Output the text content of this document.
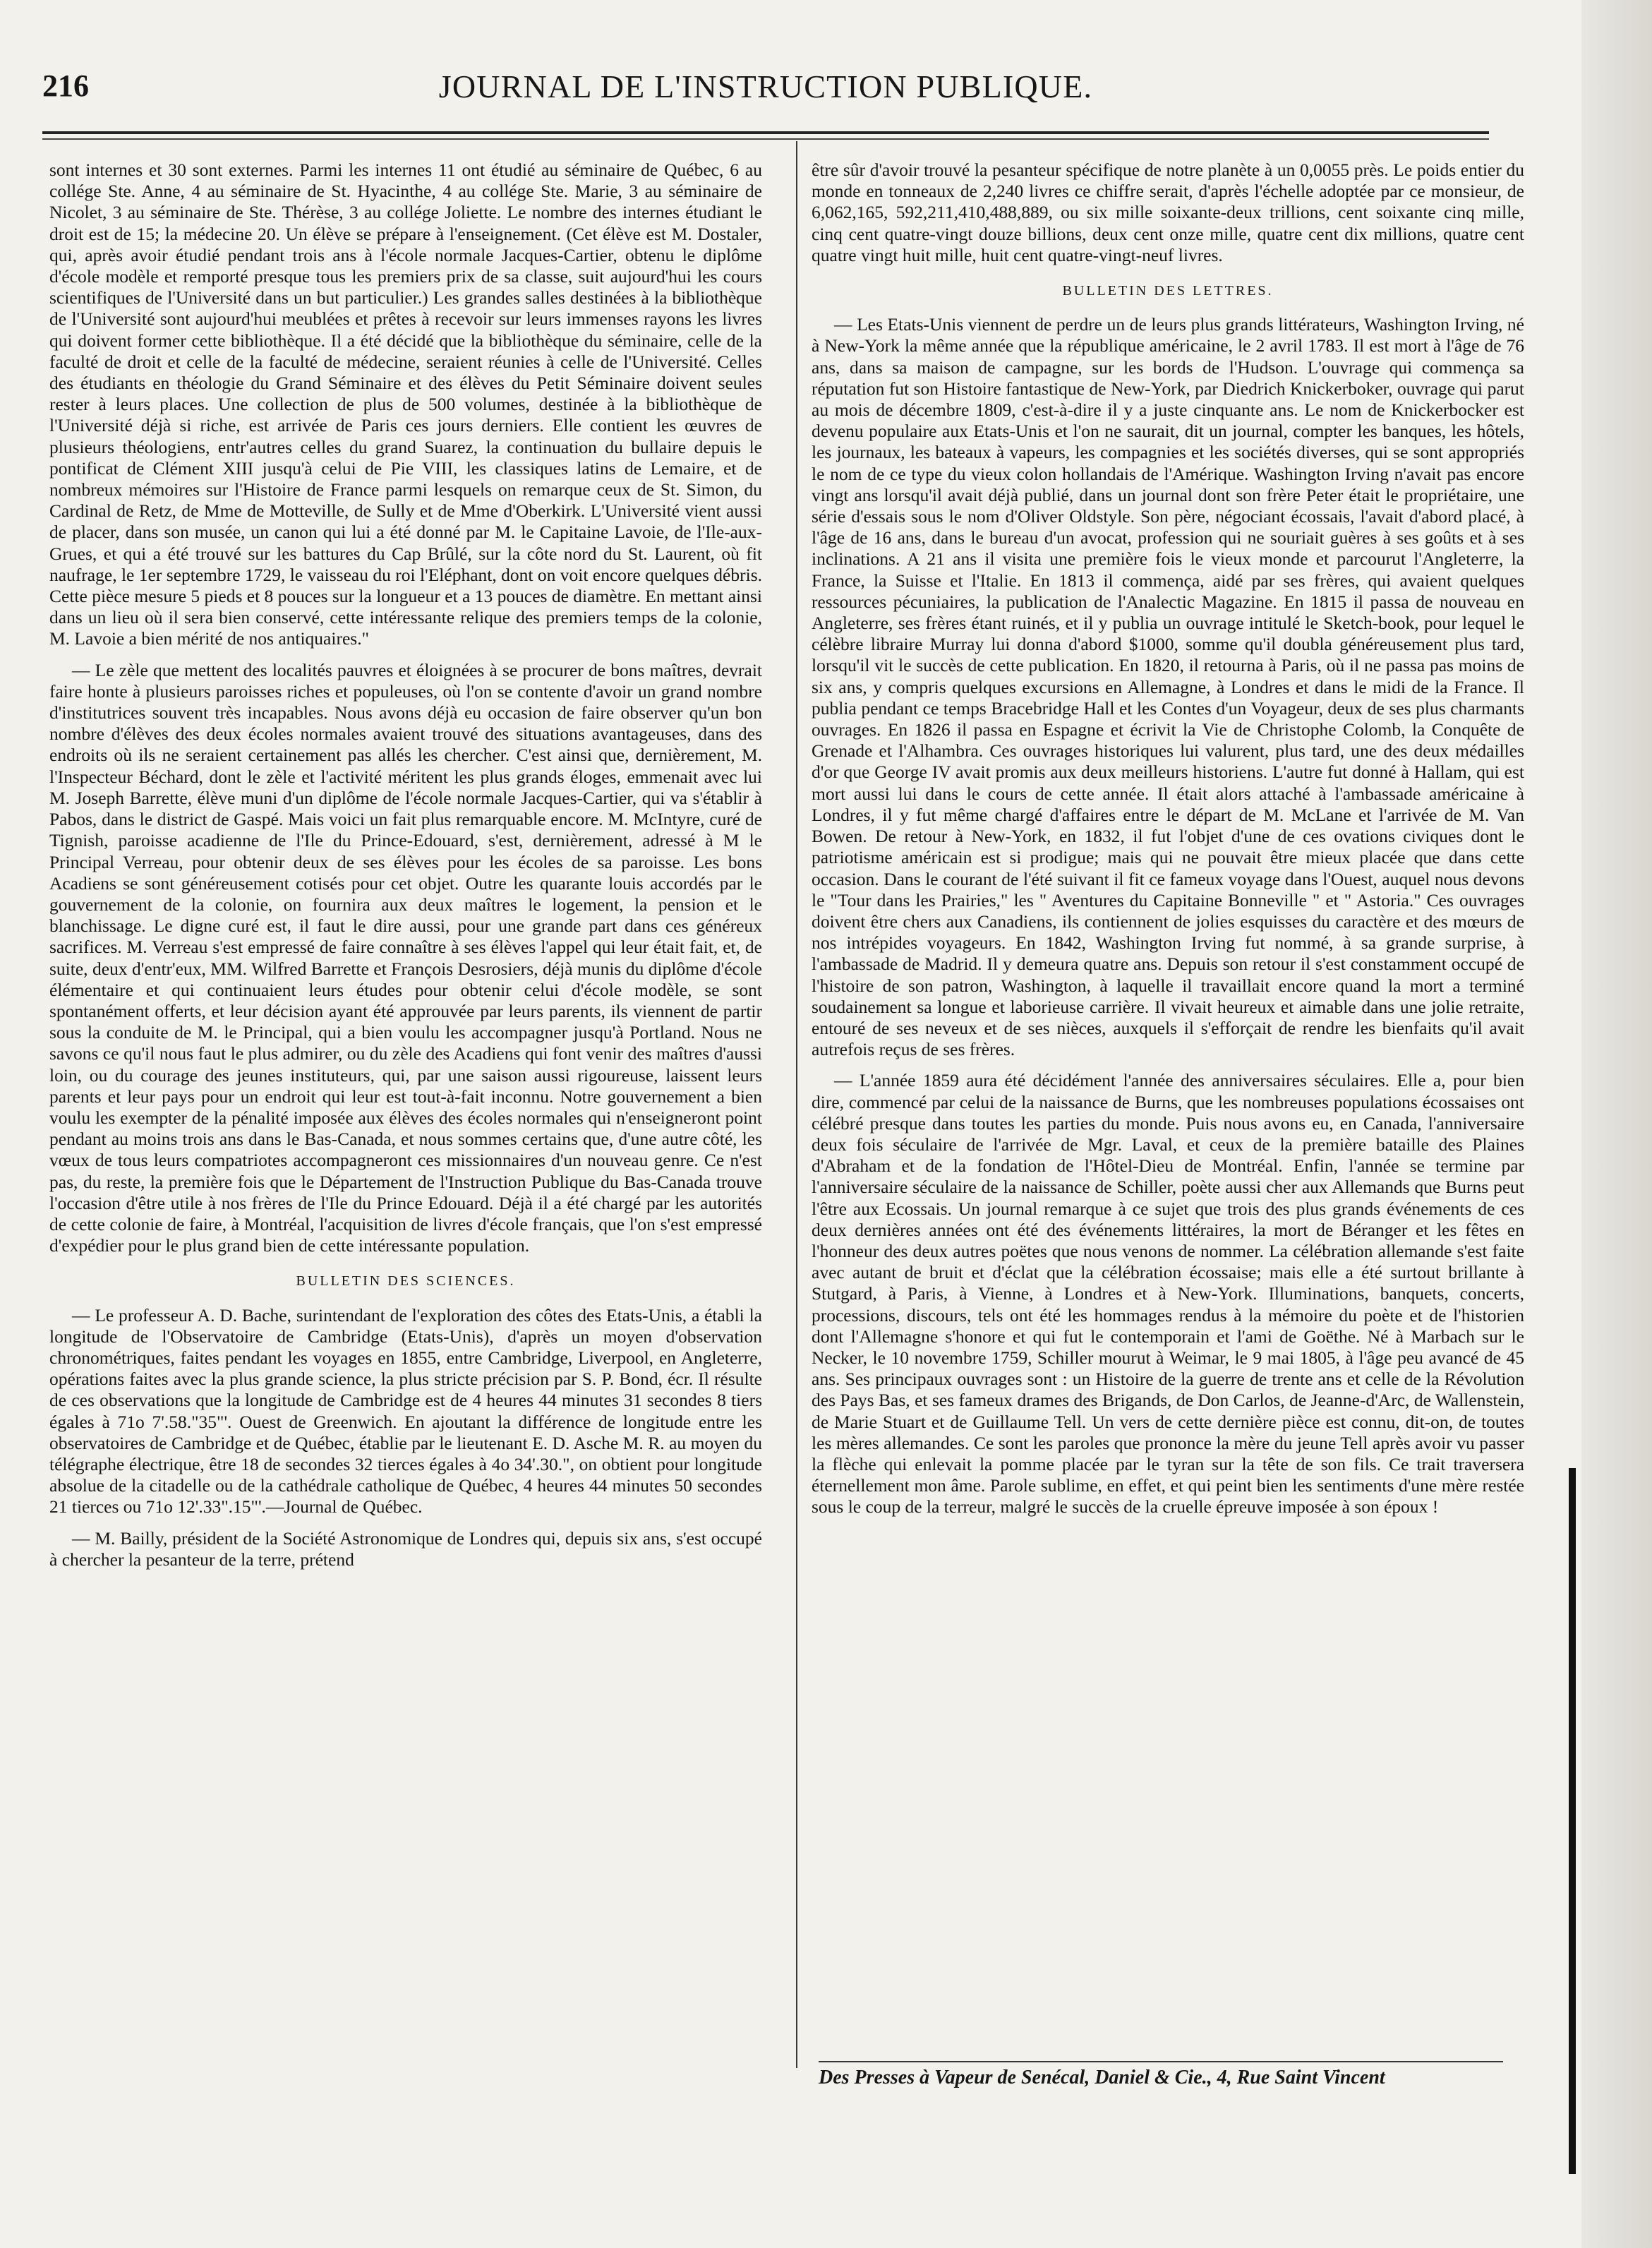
216	JOURNAL DE L'INSTRUCTION PUBLIQUE.

sont internes et 30 sont externes. Parmi les internes 11 ont étudié au séminaire de Québec, 6 au collége Ste. Anne, 4 au séminaire de St. Hyacinthe, 4 au collége Ste. Marie, 3 au séminaire de Nicolet, 3 au séminaire de Ste. Thérèse, 3 au collége Joliette. Le nombre des internes étudiant le droit est de 15; la médecine 20. Un élève se prépare à l'enseignement. (Cet élève est M. Dostaler, qui, après avoir étudié pendant trois ans à l'école normale Jacques-Cartier, obtenu le diplôme d'école modèle et remporté presque tous les premiers prix de sa classe, suit aujourd'hui les cours scientifiques de l'Université dans un but particulier.) Les grandes salles destinées à la bibliothèque de l'Université sont aujourd'hui meublées et prêtes à recevoir sur leurs immenses rayons les livres qui doivent former cette bibliothèque. Il a été décidé que la bibliothèque du séminaire, celle de la faculté de droit et celle de la faculté de médecine, seraient réunies à celle de l'Université. Celles des étudiants en théologie du Grand Séminaire et des élèves du Petit Séminaire doivent seules rester à leurs places. Une collection de plus de 500 volumes, destinée à la bibliothèque de l'Université déjà si riche, est arrivée de Paris ces jours derniers. Elle contient les œuvres de plusieurs théologiens, entr'autres celles du grand Suarez, la continuation du bullaire depuis le pontificat de Clément XIII jusqu'à celui de Pie VIII, les classiques latins de Lemaire, et de nombreux mémoires sur l'Histoire de France parmi lesquels on remarque ceux de St. Simon, du Cardinal de Retz, de Mme de Motteville, de Sully et de Mme d'Oberkirk. L'Université vient aussi de placer, dans son musée, un canon qui lui a été donné par M. le Capitaine Lavoie, de l'Ile-aux-Grues, et qui a été trouvé sur les battures du Cap Brûlé, sur la côte nord du St. Laurent, où fit naufrage, le 1er septembre 1729, le vaisseau du roi l'Eléphant, dont on voit encore quelques débris. Cette pièce mesure 5 pieds et 8 pouces sur la longueur et a 13 pouces de diamètre. En mettant ainsi dans un lieu où il sera bien conservé, cette intéressante relique des premiers temps de la colonie, M. Lavoie a bien mérité de nos antiquaires."

— Le zèle que mettent des localités pauvres et éloignées à se procurer de bons maîtres, devrait faire honte à plusieurs paroisses riches et populeuses, où l'on se contente d'avoir un grand nombre d'institutrices souvent très incapables. Nous avons déjà eu occasion de faire observer qu'un bon nombre d'élèves des deux écoles normales avaient trouvé des situations avantageuses, dans des endroits où ils ne seraient certainement pas allés les chercher. C'est ainsi que, dernièrement, M. l'Inspecteur Béchard, dont le zèle et l'activité méritent les plus grands éloges, emmenait avec lui M. Joseph Barrette, élève muni d'un diplôme de l'école normale Jacques-Cartier, qui va s'établir à Pabos, dans le district de Gaspé. Mais voici un fait plus remarquable encore. M. McIntyre, curé de Tignish, paroisse acadienne de l'Ile du Prince-Edouard, s'est, dernièrement, adressé à M le Principal Verreau, pour obtenir deux de ses élèves pour les écoles de sa paroisse. Les bons Acadiens se sont généreusement cotisés pour cet objet. Outre les quarante louis accordés par le gouvernement de la colonie, on fournira aux deux maîtres le logement, la pension et le blanchissage. Le digne curé est, il faut le dire aussi, pour une grande part dans ces généreux sacrifices. M. Verreau s'est empressé de faire connaître à ses élèves l'appel qui leur était fait, et, de suite, deux d'entr'eux, MM. Wilfred Barrette et François Desrosiers, déjà munis du diplôme d'école élémentaire et qui continuaient leurs études pour obtenir celui d'école modèle, se sont spontanément offerts, et leur décision ayant été approuvée par leurs parents, ils viennent de partir sous la conduite de M. le Principal, qui a bien voulu les accompagner jusqu'à Portland. Nous ne savons ce qu'il nous faut le plus admirer, ou du zèle des Acadiens qui font venir des maîtres d'aussi loin, ou du courage des jeunes instituteurs, qui, par une saison aussi rigoureuse, laissent leurs parents et leur pays pour un endroit qui leur est tout-à-fait inconnu. Notre gouvernement a bien voulu les exempter de la pénalité imposée aux élèves des écoles normales qui n'enseigneront point pendant au moins trois ans dans le Bas-Canada, et nous sommes certains que, d'une autre côté, les vœux de tous leurs compatriotes accompagneront ces missionnaires d'un nouveau genre. Ce n'est pas, du reste, la première fois que le Département de l'Instruction Publique du Bas-Canada trouve l'occasion d'être utile à nos frères de l'Ile du Prince Edouard. Déjà il a été chargé par les autorités de cette colonie de faire, à Montréal, l'acquisition de livres d'école français, que l'on s'est empressé d'expédier pour le plus grand bien de cette intéressante population.

BULLETIN DES SCIENCES.

— Le professeur A. D. Bache, surintendant de l'exploration des côtes des Etats-Unis, a établi la longitude de l'Observatoire de Cambridge (Etats-Unis), d'après un moyen d'observation chronométriques, faites pendant les voyages en 1855, entre Cambridge, Liverpool, en Angleterre, opérations faites avec la plus grande science, la plus stricte précision par S. P. Bond, écr. Il résulte de ces observations que la longitude de Cambridge est de 4 heures 44 minutes 31 secondes 8 tiers égales à 71o 7'.58."35"'. Ouest de Greenwich. En ajoutant la différence de longitude entre les observatoires de Cambridge et de Québec, établie par le lieutenant E. D. Asche M. R. au moyen du télégraphe électrique, être 18 de secondes 32 tierces égales à 4o 34'.30.", on obtient pour longitude absolue de la citadelle ou de la cathédrale catholique de Québec, 4 heures 44 minutes 50 secondes 21 tierces ou 71o 12'.33".15"'.—Journal de Québec.

— M. Bailly, président de la Société Astronomique de Londres qui, depuis six ans, s'est occupé à chercher la pesanteur de la terre, prétend

être sûr d'avoir trouvé la pesanteur spécifique de notre planète à un 0,0055 près. Le poids entier du monde en tonneaux de 2,240 livres ce chiffre serait, d'après l'échelle adoptée par ce monsieur, de 6,062,165, 592,211,410,488,889, ou six mille soixante-deux trillions, cent soixante cinq mille, cinq cent quatre-vingt douze billions, deux cent onze mille, quatre cent dix millions, quatre cent quatre vingt huit mille, huit cent quatre-vingt-neuf livres.

BULLETIN DES LETTRES.

— Les Etats-Unis viennent de perdre un de leurs plus grands littérateurs, Washington Irving, né à New-York la même année que la république américaine, le 2 avril 1783. Il est mort à l'âge de 76 ans, dans sa maison de campagne, sur les bords de l'Hudson. L'ouvrage qui commença sa réputation fut son Histoire fantastique de New-York, par Diedrich Knickerboker, ouvrage qui parut au mois de décembre 1809, c'est-à-dire il y a juste cinquante ans. Le nom de Knickerbocker est devenu populaire aux Etats-Unis et l'on ne saurait, dit un journal, compter les banques, les hôtels, les journaux, les bateaux à vapeurs, les compagnies et les sociétés diverses, qui se sont appropriés le nom de ce type du vieux colon hollandais de l'Amérique. Washington Irving n'avait pas encore vingt ans lorsqu'il avait déjà publié, dans un journal dont son frère Peter était le propriétaire, une série d'essais sous le nom d'Oliver Oldstyle. Son père, négociant écossais, l'avait d'abord placé, à l'âge de 16 ans, dans le bureau d'un avocat, profession qui ne souriait guères à ses goûts et à ses inclinations. A 21 ans il visita une première fois le vieux monde et parcourut l'Angleterre, la France, la Suisse et l'Italie. En 1813 il commença, aidé par ses frères, qui avaient quelques ressources pécuniaires, la publication de l'Analectic Magazine. En 1815 il passa de nouveau en Angleterre, ses frères étant ruinés, et il y publia un ouvrage intitulé le Sketch-book, pour lequel le célèbre libraire Murray lui donna d'abord $1000, somme qu'il doubla généreusement plus tard, lorsqu'il vit le succès de cette publication. En 1820, il retourna à Paris, où il ne passa pas moins de six ans, y compris quelques excursions en Allemagne, à Londres et dans le midi de la France. Il publia pendant ce temps Bracebridge Hall et les Contes d'un Voyageur, deux de ses plus charmants ouvrages. En 1826 il passa en Espagne et écrivit la Vie de Christophe Colomb, la Conquête de Grenade et l'Alhambra. Ces ouvrages historiques lui valurent, plus tard, une des deux médailles d'or que George IV avait promis aux deux meilleurs historiens. L'autre fut donné à Hallam, qui est mort aussi lui dans le cours de cette année. Il était alors attaché à l'ambassade américaine à Londres, il y fut même chargé d'affaires entre le départ de M. McLane et l'arrivée de M. Van Bowen. De retour à New-York, en 1832, il fut l'objet d'une de ces ovations civiques dont le patriotisme américain est si prodigue; mais qui ne pouvait être mieux placée que dans cette occasion. Dans le courant de l'été suivant il fit ce fameux voyage dans l'Ouest, auquel nous devons le "Tour dans les Prairies," les " Aventures du Capitaine Bonneville " et " Astoria." Ces ouvrages doivent être chers aux Canadiens, ils contiennent de jolies esquisses du caractère et des mœurs de nos intrépides voyageurs. En 1842, Washington Irving fut nommé, à sa grande surprise, à l'ambassade de Madrid. Il y demeura quatre ans. Depuis son retour il s'est constamment occupé de l'histoire de son patron, Washington, à laquelle il travaillait encore quand la mort a terminé soudainement sa longue et laborieuse carrière. Il vivait heureux et aimable dans une jolie retraite, entouré de ses neveux et de ses nièces, auxquels il s'efforçait de rendre les bienfaits qu'il avait autrefois reçus de ses frères.

— L'année 1859 aura été décidément l'année des anniversaires séculaires. Elle a, pour bien dire, commencé par celui de la naissance de Burns, que les nombreuses populations écossaises ont célébré presque dans toutes les parties du monde. Puis nous avons eu, en Canada, l'anniversaire deux fois séculaire de l'arrivée de Mgr. Laval, et ceux de la première bataille des Plaines d'Abraham et de la fondation de l'Hôtel-Dieu de Montréal. Enfin, l'année se termine par l'anniversaire séculaire de la naissance de Schiller, poète aussi cher aux Allemands que Burns peut l'être aux Ecossais. Un journal remarque à ce sujet que trois des plus grands événements de ces deux dernières années ont été des événements littéraires, la mort de Béranger et les fêtes en l'honneur des deux autres poëtes que nous venons de nommer. La célébration allemande s'est faite avec autant de bruit et d'éclat que la célébration écossaise; mais elle a été surtout brillante à Stutgard, à Paris, à Vienne, à Londres et à New-York. Illuminations, banquets, concerts, processions, discours, tels ont été les hommages rendus à la mémoire du poète et de l'historien dont l'Allemagne s'honore et qui fut le contemporain et l'ami de Goëthe. Né à Marbach sur le Necker, le 10 novembre 1759, Schiller mourut à Weimar, le 9 mai 1805, à l'âge peu avancé de 45 ans. Ses principaux ouvrages sont : un Histoire de la guerre de trente ans et celle de la Révolution des Pays Bas, et ses fameux drames des Brigands, de Don Carlos, de Jeanne-d'Arc, de Wallenstein, de Marie Stuart et de Guillaume Tell. Un vers de cette dernière pièce est connu, dit-on, de toutes les mères allemandes. Ce sont les paroles que prononce la mère du jeune Tell après avoir vu passer la flèche qui enlevait la pomme placée par le tyran sur la tête de son fils. Ce trait traversera éternellement mon âme. Parole sublime, en effet, et qui peint bien les sentiments d'une mère restée sous le coup de la terreur, malgré le succès de la cruelle épreuve imposée à son époux !

Des Presses à Vapeur de Senécal, Daniel & Cie., 4, Rue Saint Vincent
